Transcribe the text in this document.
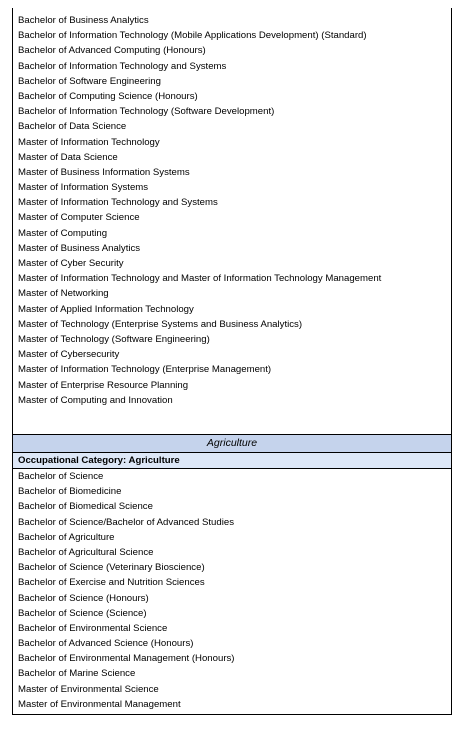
Bachelor of Business Analytics
Bachelor of Information Technology (Mobile Applications Development) (Standard)
Bachelor of Advanced Computing (Honours)
Bachelor of Information Technology and Systems
Bachelor of Software Engineering
Bachelor of Computing Science (Honours)
Bachelor of Information Technology (Software Development)
Bachelor of Data Science
Master of Information Technology
Master of Data Science
Master of Business Information Systems
Master of Information Systems
Master of Information Technology and Systems
Master of Computer Science
Master of Computing
Master of Business Analytics
Master of Cyber Security
Master of Information Technology and Master of Information Technology Management
Master of Networking
Master of Applied Information Technology
Master of Technology (Enterprise Systems and Business Analytics)
Master of Technology (Software Engineering)
Master of Cybersecurity
Master of Information Technology (Enterprise Management)
Master of Enterprise Resource Planning
Master of Computing and Innovation
Agriculture
Occupational Category: Agriculture
Bachelor of Science
Bachelor of Biomedicine
Bachelor of Biomedical Science
Bachelor of Science/Bachelor of Advanced Studies
Bachelor of Agriculture
Bachelor of Agricultural Science
Bachelor of Science (Veterinary Bioscience)
Bachelor of Exercise and Nutrition Sciences
Bachelor of Science (Honours)
Bachelor of Science (Science)
Bachelor of Environmental Science
Bachelor of Advanced Science (Honours)
Bachelor of Environmental Management (Honours)
Bachelor of Marine Science
Master of Environmental Science
Master of Environmental Management
